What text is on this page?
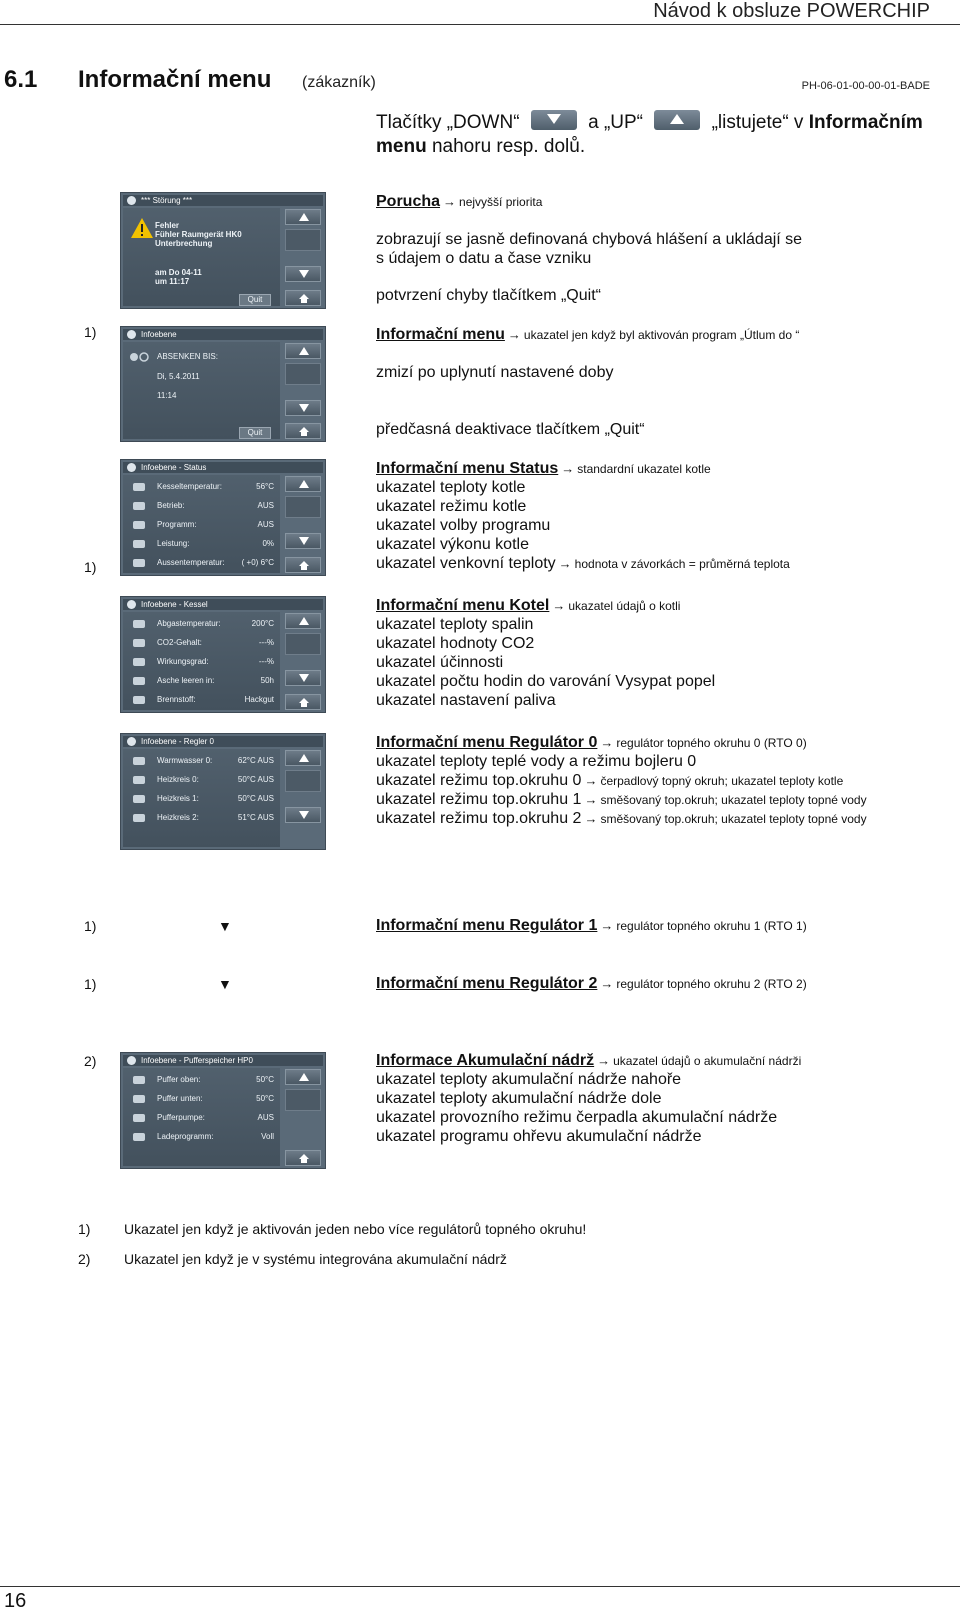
Návod k obsluze POWERCHIP
6.1 Informační menu (zákazník)	PH-06-01-00-00-01-BADE
Tlačítky „DOWN“	a „UP“	„listujete“ v Informačním menu nahoru resp. dolů.
*** Störung ***
Fehler
Fühler Raumgerät HK0
Unterbrechung
am Do 04-11
um 11:17
Quit
Porucha → nejvyšší priorita
zobrazují se jasně definovaná chybová hlášení a ukládají se
s údajem o datu a čase vzniku
potvrzení chyby tlačítkem „Quit“
1)	Infoebene
ABSENKEN BIS:
Di, 5.4.2011
11:14
Quit
Informační menu → ukazatel jen když byl aktivován program „Útlum do “
zmizí po uplynutí nastavené doby
předčasná deaktivace tlačítkem „Quit“
1)
Infoebene - Status
Kesseltemperatur:	56°C
Betrieb:	AUS
Programm:	AUS
Leistung:	0%
Aussentemperatur: ( +0) 6°C
Informační menu Status → standardní ukazatel kotle
ukazatel teploty kotle
ukazatel režimu kotle
ukazatel volby programu
ukazatel výkonu kotle
ukazatel venkovní teploty → hodnota v závorkách = průměrná teplota
Infoebene - Kessel
Abgastemperatur:	200°C
CO2-Gehalt:	---%
Wirkungsgrad:	---%
Asche leeren in:	50h
Brennstoff:	Hackgut
Informační menu Kotel → ukazatel údajů o kotli
ukazatel teploty spalin
ukazatel hodnoty CO2
ukazatel účinnosti
ukazatel počtu hodin do varování Vysypat popel
ukazatel nastavení paliva
Infoebene - Regler 0
Warmwasser 0:	62°C AUS
Heizkreis 0:	50°C AUS
Heizkreis 1:	50°C AUS
Heizkreis 2:	51°C AUS
Informační menu Regulátor 0 → regulátor topného okruhu 0 (RTO 0)
ukazatel teploty teplé vody a režimu bojleru 0
ukazatel režimu top.okruhu 0 → čerpadlový topný okruh; ukazatel teploty kotle
ukazatel režimu top.okruhu 1 → směšovaný top.okruh; ukazatel teploty topné vody
ukazatel režimu top.okruhu 2 → směšovaný top.okruh; ukazatel teploty topné vody
1)	▼	Informační menu Regulátor 1 → regulátor topného okruhu 1 (RTO 1)
1)	▼	Informační menu Regulátor 2 → regulátor topného okruhu 2 (RTO 2)
2)	Infoebene - Pufferspeicher HP0
Puffer oben:	50°C
Puffer unten:	50°C
Pufferpumpe:	AUS
Ladeprogramm:	Voll
Informace Akumulační nádrž → ukazatel údajů o akumulační nádrži
ukazatel teploty akumulační nádrže nahoře
ukazatel teploty akumulační nádrže dole
ukazatel provozního režimu čerpadla akumulační nádrže
ukazatel programu ohřevu akumulační nádrže
1) Ukazatel jen když je aktivován jeden nebo více regulátorů topného okruhu!
2) Ukazatel jen když je v systému integrována akumulační nádrž
16
